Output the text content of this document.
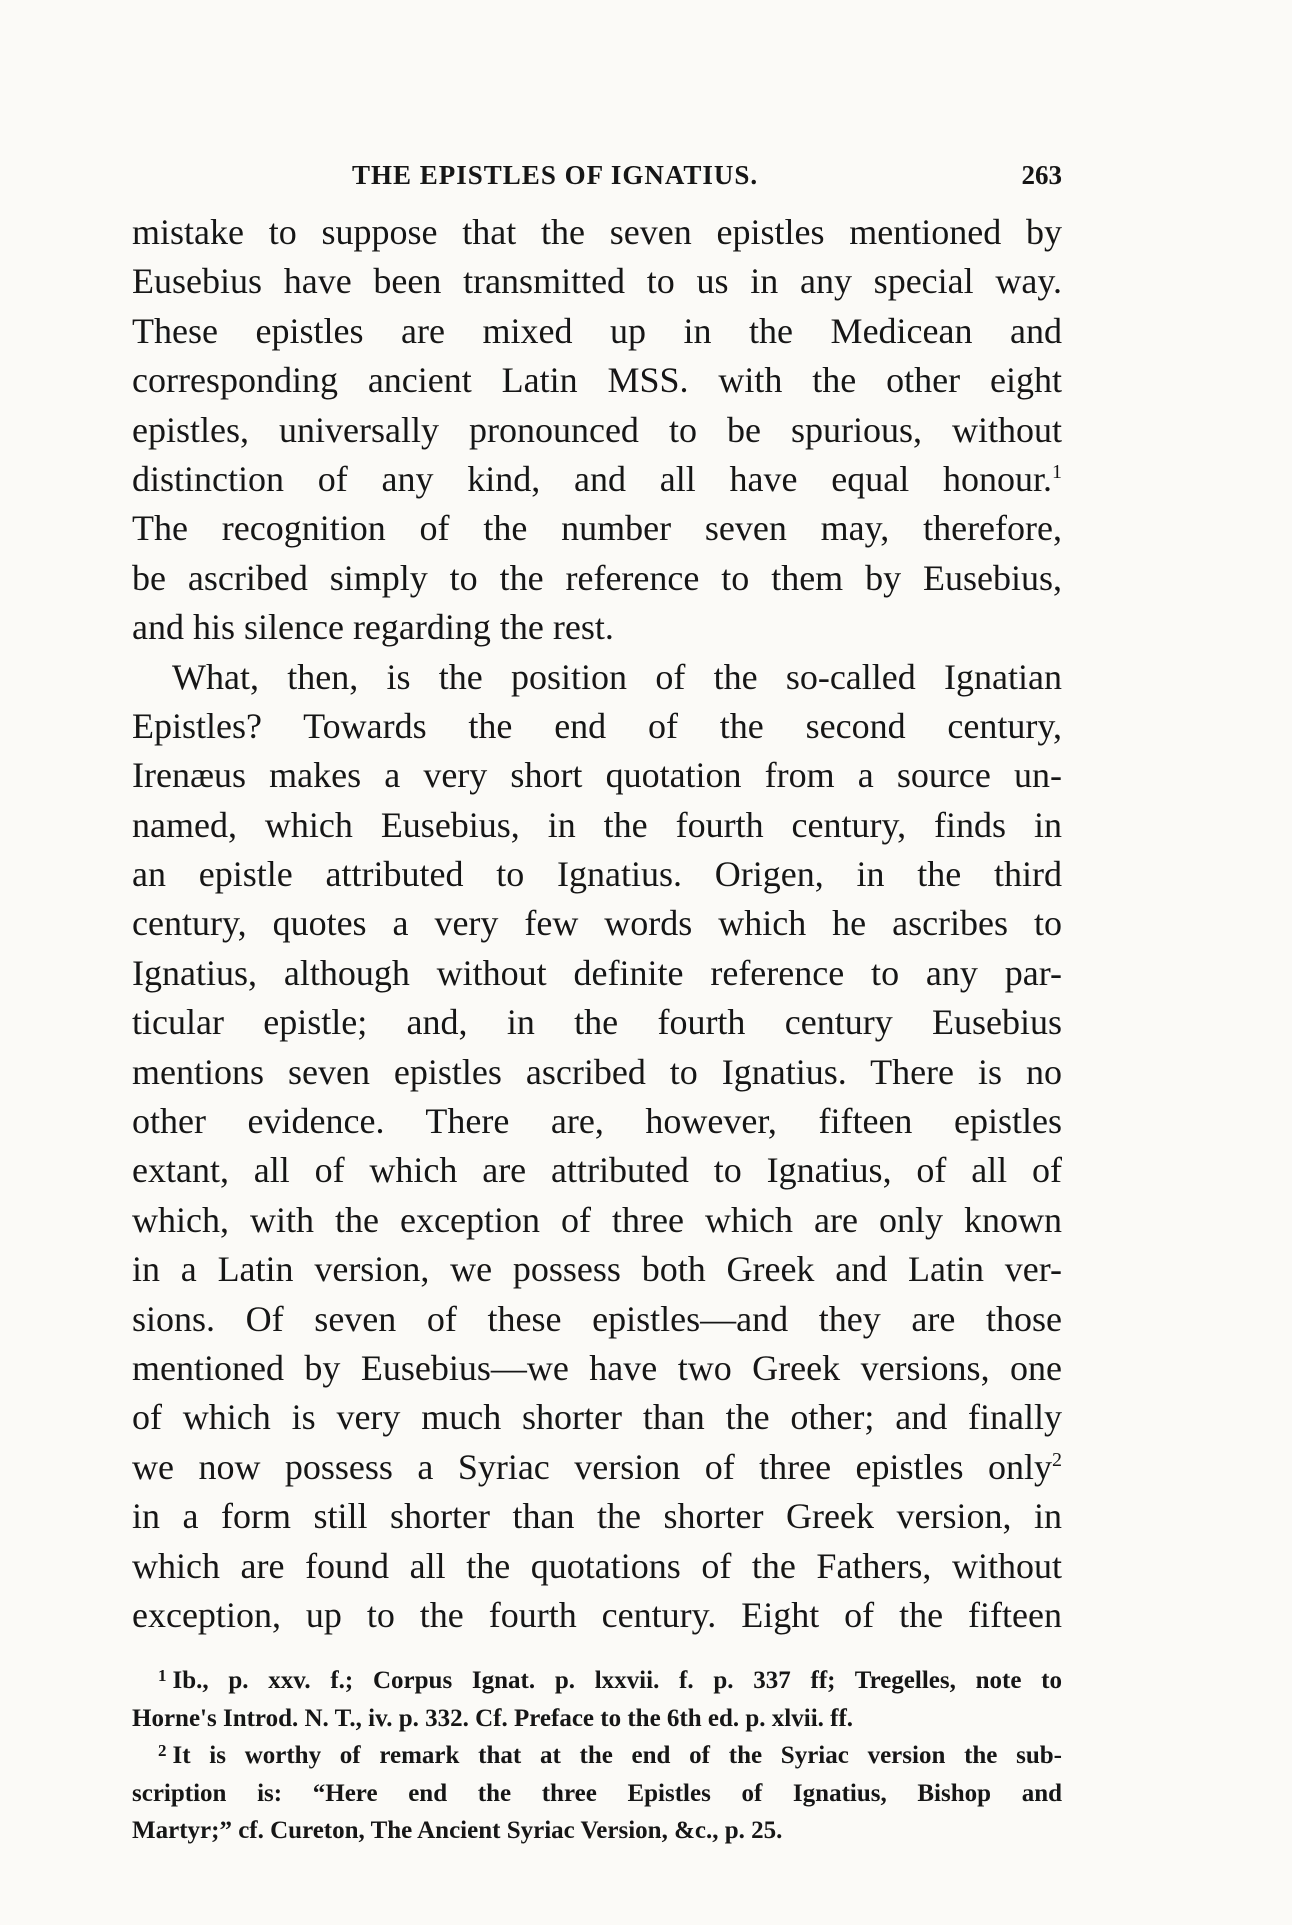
THE EPISTLES OF IGNATIUS.	263
mistake to suppose that the seven epistles mentioned by
Eusebius have been transmitted to us in any special way.
These epistles are mixed up in the Medicean and
corresponding ancient Latin MSS. with the other eight
epistles, universally pronounced to be spurious, without
distinction of any kind, and all have equal honour.$^1$
The recognition of the number seven may, therefore,
be ascribed simply to the reference to them by Eusebius,
and his silence regarding the rest.
What, then, is the position of the so-called Ignatian
Epistles? Towards the end of the second century,
Irenæus makes a very short quotation from a source un-
named, which Eusebius, in the fourth century, finds in
an epistle attributed to Ignatius. Origen, in the third
century, quotes a very few words which he ascribes to
Ignatius, although without definite reference to any par-
ticular epistle; and, in the fourth century Eusebius
mentions seven epistles ascribed to Ignatius. There is no
other evidence. There are, however, fifteen epistles
extant, all of which are attributed to Ignatius, of all of
which, with the exception of three which are only known
in a Latin version, we possess both Greek and Latin ver-
sions. Of seven of these epistles—and they are those
mentioned by Eusebius—we have two Greek versions, one
of which is very much shorter than the other; and finally
we now possess a Syriac version of three epistles only$^2$
in a form still shorter than the shorter Greek version, in
which are found all the quotations of the Fathers, without
exception, up to the fourth century. Eight of the fifteen
$^1$ Ib., p. xxv. f.; Corpus Ignat. p. lxxvii. f. p. 337 ff; Tregelles, note to
Horne's Introd. N. T., iv. p. 332. Cf. Preface to the 6th ed. p. xlvii. ff.
$^2$ It is worthy of remark that at the end of the Syriac version the sub-
scription is: “Here end the three Epistles of Ignatius, Bishop and
Martyr;” cf. Cureton, The Ancient Syriac Version, &c., p. 25.
